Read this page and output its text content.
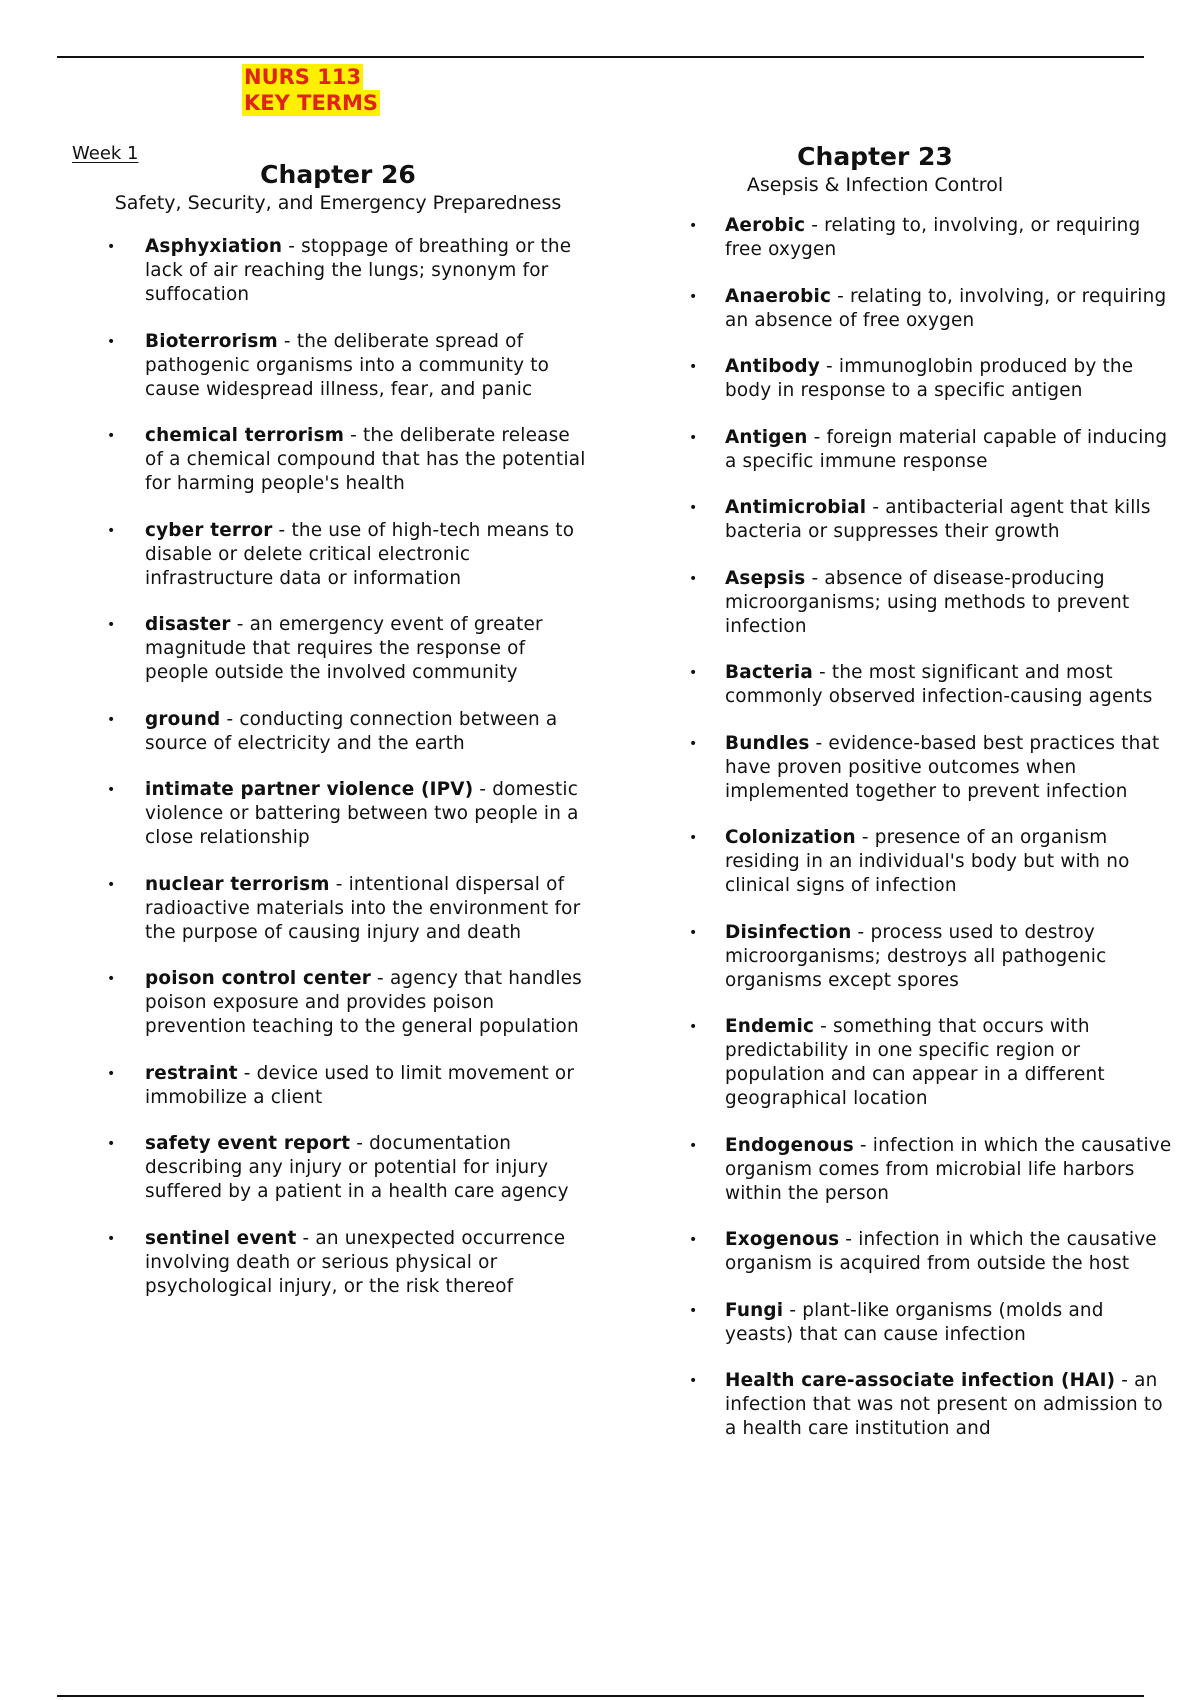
NURS 113
KEY TERMS
Week 1
Chapter 26
Safety, Security, and Emergency Preparedness
• Asphyxiation - stoppage of breathing or the lack of air reaching the lungs; synonym for suffocation
• Bioterrorism - the deliberate spread of pathogenic organisms into a community to cause widespread illness, fear, and panic
• chemical terrorism - the deliberate release of a chemical compound that has the potential for harming people's health
• cyber terror - the use of high-tech means to disable or delete critical electronic infrastructure data or information
• disaster - an emergency event of greater magnitude that requires the response of people outside the involved community
• ground - conducting connection between a source of electricity and the earth
• intimate partner violence (IPV) - domestic violence or battering between two people in a close relationship
• nuclear terrorism - intentional dispersal of radioactive materials into the environment for the purpose of causing injury and death
• poison control center - agency that handles poison exposure and provides poison prevention teaching to the general population
• restraint - device used to limit movement or immobilize a client
• safety event report - documentation describing any injury or potential for injury suffered by a patient in a health care agency
• sentinel event - an unexpected occurrence involving death or serious physical or psychological injury, or the risk thereof
Chapter 23
Asepsis & Infection Control
• Aerobic - relating to, involving, or requiring free oxygen
• Anaerobic - relating to, involving, or requiring an absence of free oxygen
• Antibody - immunoglobin produced by the body in response to a specific antigen
• Antigen - foreign material capable of inducing a specific immune response
• Antimicrobial - antibacterial agent that kills bacteria or suppresses their growth
• Asepsis - absence of disease-producing microorganisms; using methods to prevent infection
• Bacteria - the most significant and most commonly observed infection-causing agents
• Bundles - evidence-based best practices that have proven positive outcomes when implemented together to prevent infection
• Colonization - presence of an organism residing in an individual's body but with no clinical signs of infection
• Disinfection - process used to destroy microorganisms; destroys all pathogenic organisms except spores
• Endemic - something that occurs with predictability in one specific region or population and can appear in a different geographical location
• Endogenous - infection in which the causative organism comes from microbial life harbors within the person
• Exogenous - infection in which the causative organism is acquired from outside the host
• Fungi - plant-like organisms (molds and yeasts) that can cause infection
• Health care-associate infection (HAI) - an infection that was not present on admission to a health care institution and
